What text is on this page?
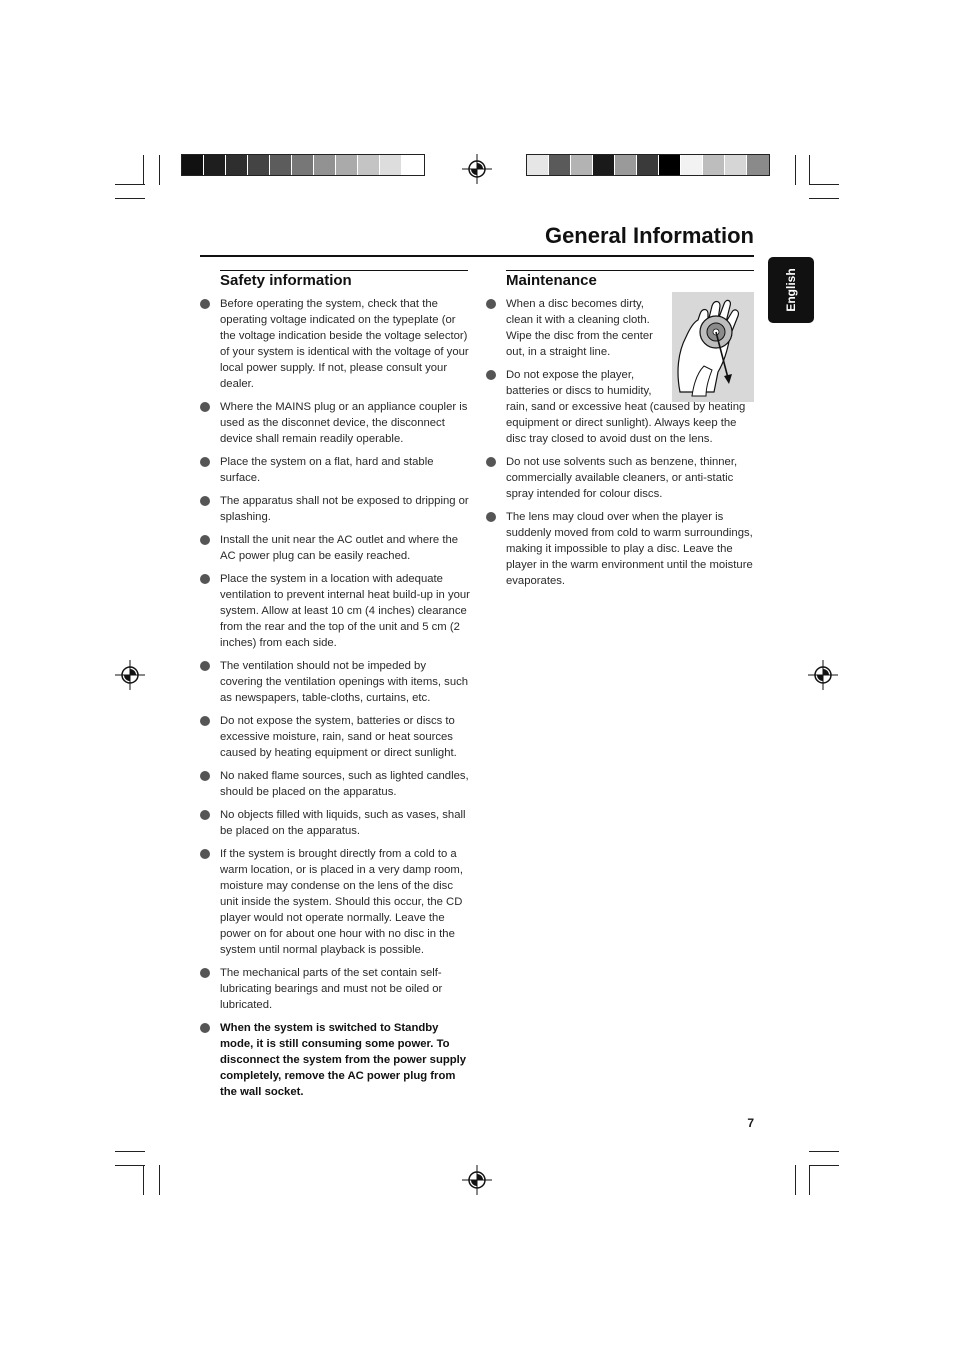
General Information
English
Safety information
Before operating the system, check that the operating voltage indicated on the typeplate (or the voltage indication beside the voltage selector) of your system is identical with the voltage of your local power supply. If not, please consult your dealer.
Where the MAINS plug or an appliance coupler is used as the disconnet device, the disconnect device shall remain readily operable.
Place the system on a flat, hard and stable surface.
The apparatus shall not be exposed to dripping or splashing.
Install the unit near the AC outlet and where the AC power plug can be easily reached.
Place the system in a location with adequate ventilation to prevent internal heat build-up in your system. Allow at least 10 cm (4 inches) clearance from the rear and the top of the unit and 5 cm (2 inches) from each side.
The ventilation should not be impeded by covering the ventilation openings with items, such as newspapers, table-cloths, curtains, etc.
Do not expose the system, batteries or discs to excessive moisture, rain, sand or heat sources caused by heating equipment or direct sunlight.
No naked flame sources, such as lighted candles, should be placed on the apparatus.
No objects filled with liquids, such as vases, shall be placed on the apparatus.
If the system is brought directly from a cold to a warm location, or is placed in a very damp room, moisture may condense on the lens of the disc unit inside the system. Should this occur, the CD player would not operate normally. Leave the power on for about one hour with no disc in the system until normal playback is possible.
The mechanical parts of the set contain self-lubricating bearings and must not be oiled or lubricated.
When the system is switched to Standby mode, it is still consuming some power. To disconnect the system from the power supply completely, remove the AC power plug from the wall socket.
Maintenance
When a disc becomes dirty, clean it with a cleaning cloth. Wipe the disc from the center out, in a straight line.
Do not expose the player, batteries or discs to humidity, rain, sand or excessive heat (caused by heating equipment or direct sunlight). Always keep the disc tray closed to avoid dust on the lens.
Do not use solvents such as benzene, thinner, commercially available cleaners, or anti-static spray intended for colour discs.
The lens may cloud over when the player is suddenly moved from cold to warm surroundings, making it impossible to play a disc. Leave the player in the warm environment until the moisture evaporates.
7
